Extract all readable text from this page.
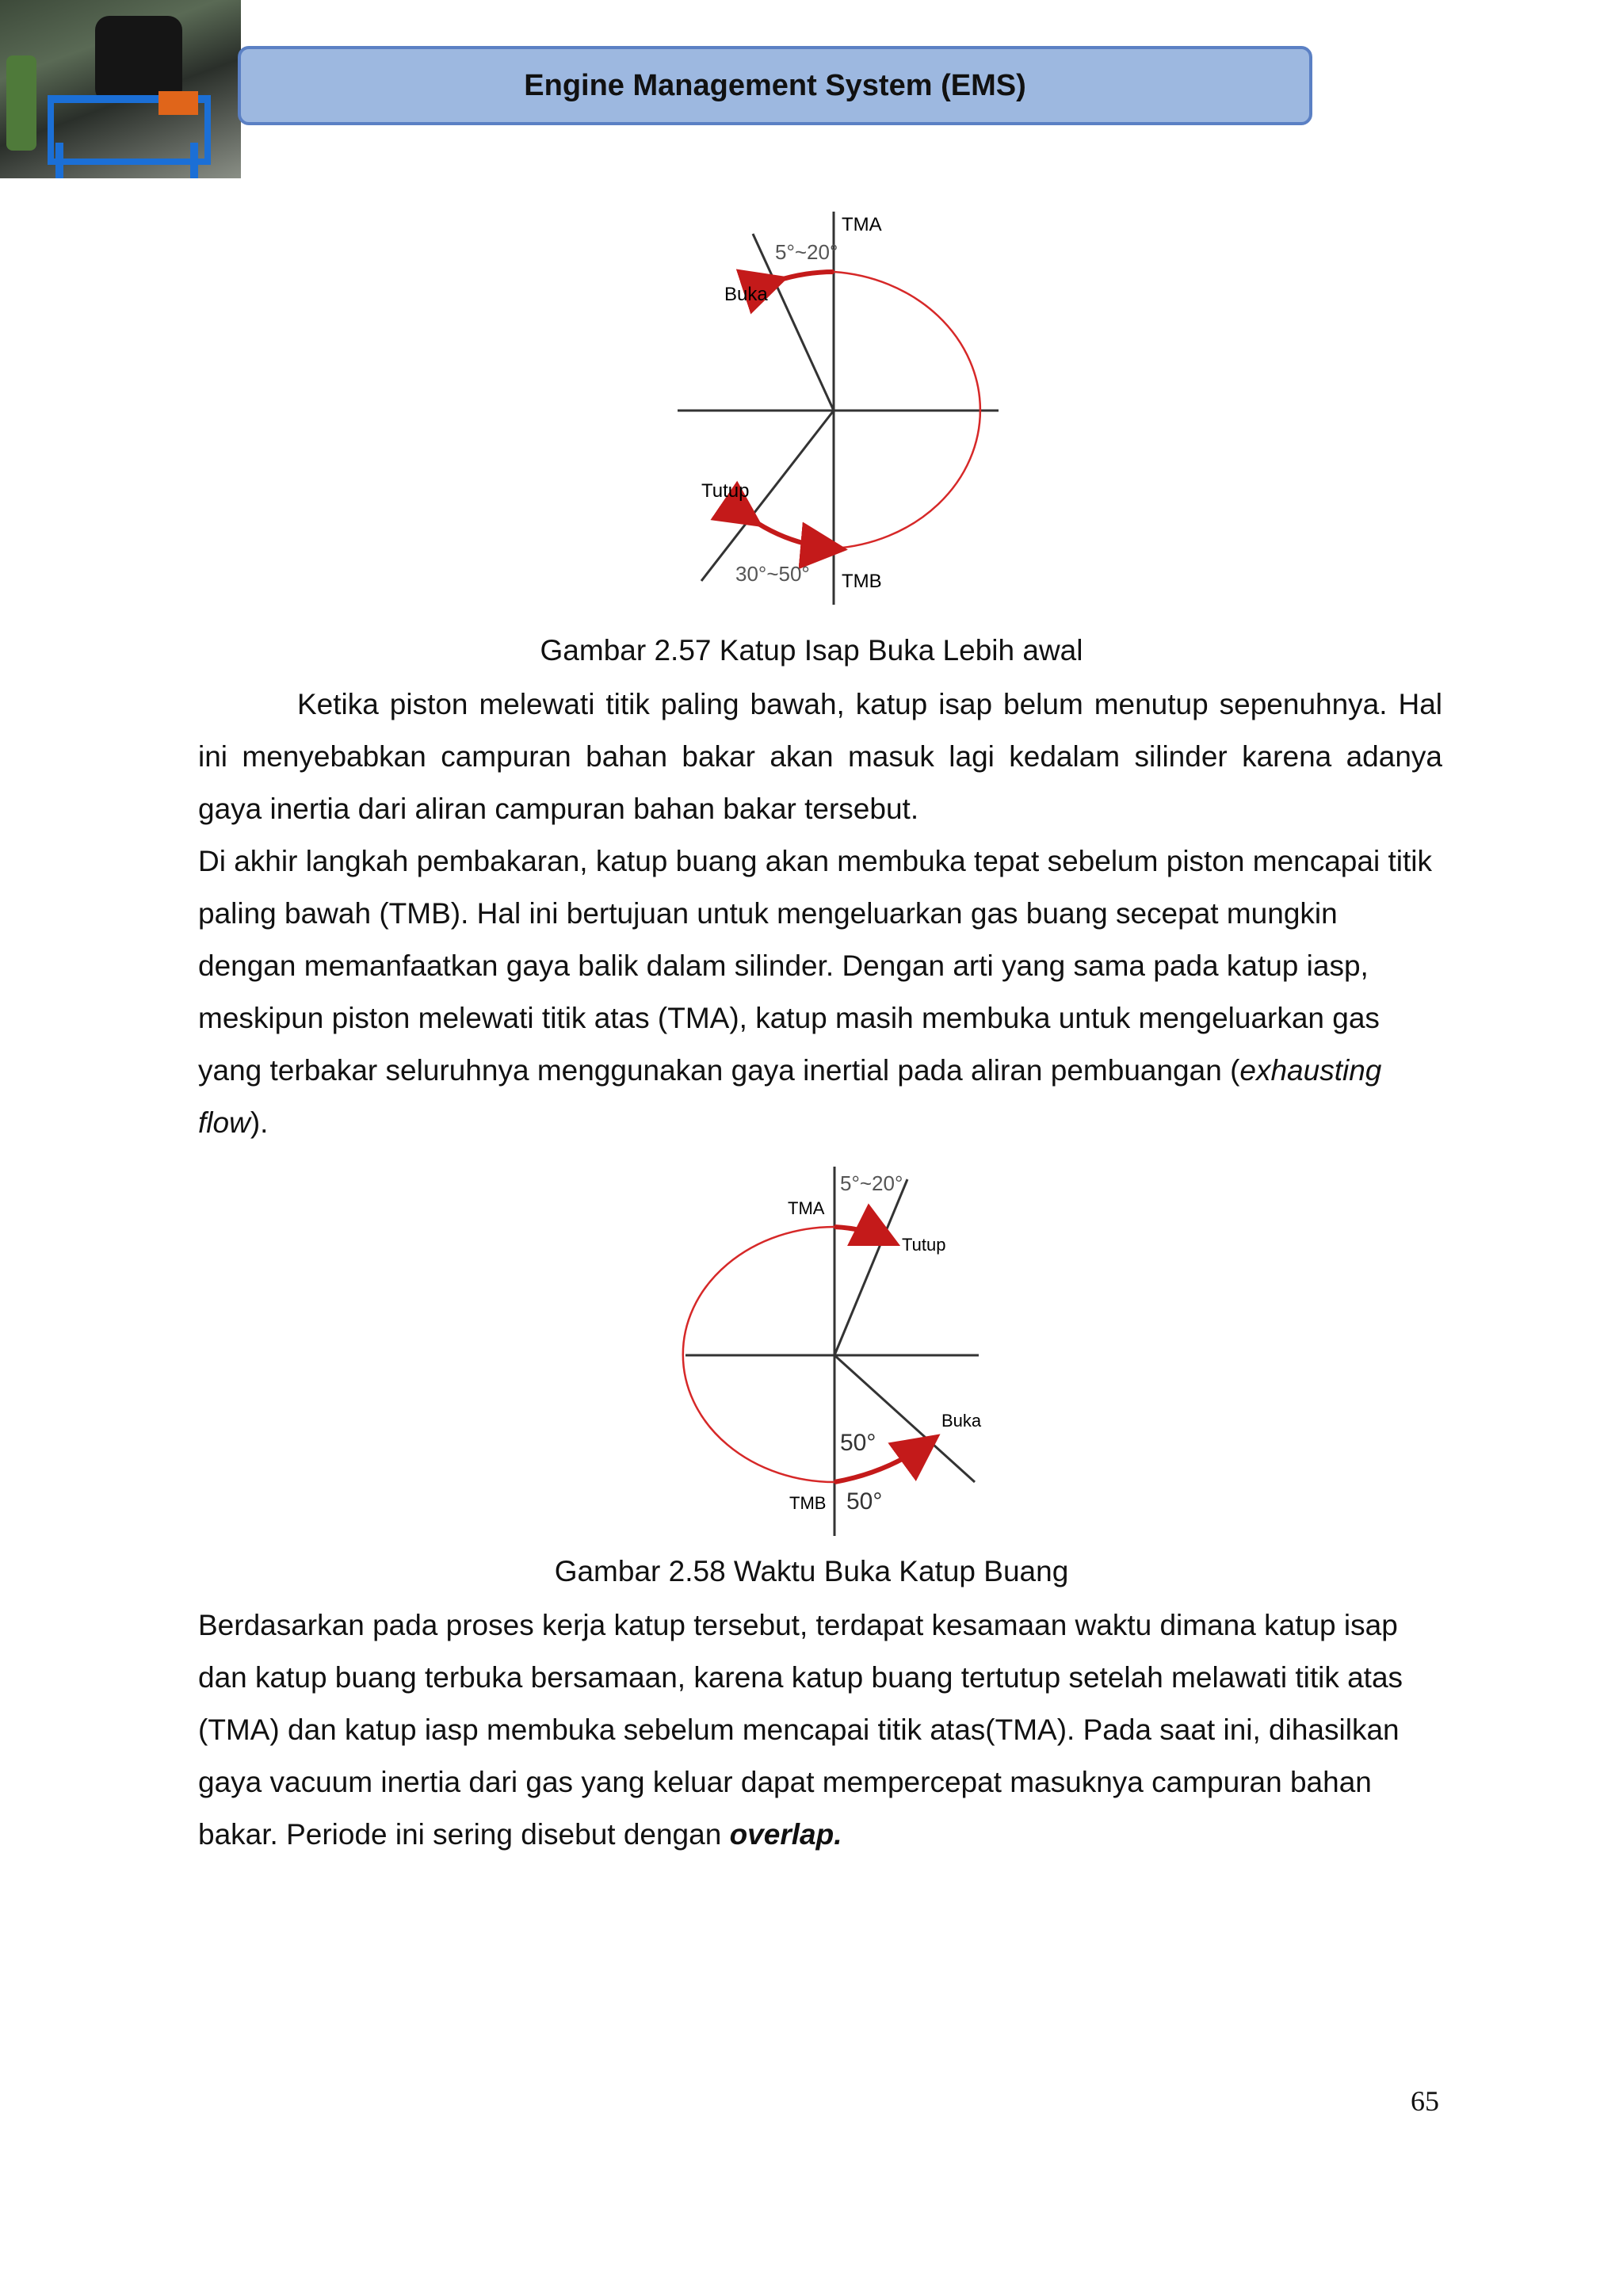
Engine Management System (EMS)
TMA
5°~20°
Buka
Tutup
30°~50° TMB
Gambar 2.57 Katup Isap Buka Lebih awal

Ketika piston melewati titik paling bawah, katup isap belum menutup sepenuhnya. Hal ini menyebabkan campuran bahan bakar akan masuk lagi kedalam silinder karena adanya gaya inertia dari aliran campuran bahan bakar tersebut.

Di akhir langkah pembakaran, katup buang akan membuka tepat sebelum piston mencapai titik paling bawah (TMB). Hal ini bertujuan untuk mengeluarkan gas buang secepat mungkin dengan memanfaatkan gaya balik dalam silinder. Dengan arti yang sama pada katup iasp, meskipun piston melewati titik atas (TMA), katup masih membuka untuk mengeluarkan gas yang terbakar seluruhnya menggunakan gaya inertial pada aliran pembuangan (exhausting flow).

5°~20°
TMA
Tutup
Buka
50°
TMB 50°
Gambar 2.58 Waktu Buka Katup Buang

Berdasarkan pada proses kerja katup tersebut, terdapat kesamaan waktu dimana katup isap dan katup buang terbuka bersamaan, karena katup buang tertutup setelah melawati titik atas (TMA) dan katup iasp membuka sebelum mencapai titik atas(TMA). Pada saat ini, dihasilkan gaya vacuum inertia dari gas yang keluar dapat mempercepat masuknya campuran bahan bakar. Periode ini sering disebut dengan overlap.

65
